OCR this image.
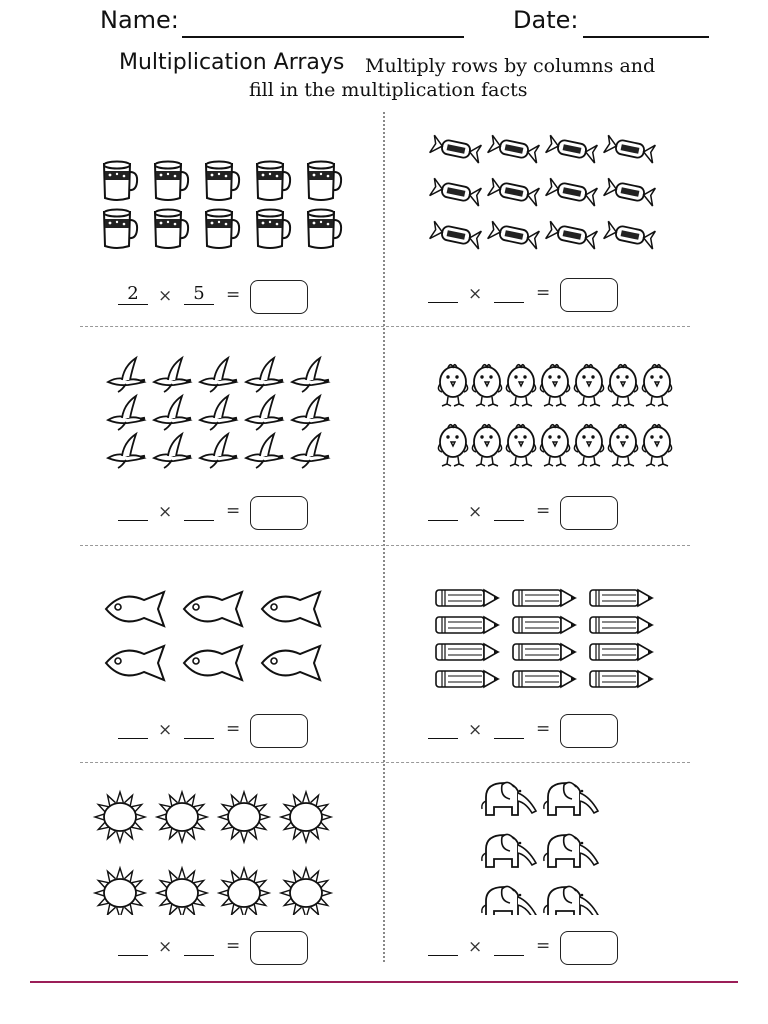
Name:	Date:
Multiplication Arrays Multiply rows by columns and
fill in the multiplication facts
2	×	5	=	×	=
×	=	×	=
×	=	×	=
×	=	×	=
